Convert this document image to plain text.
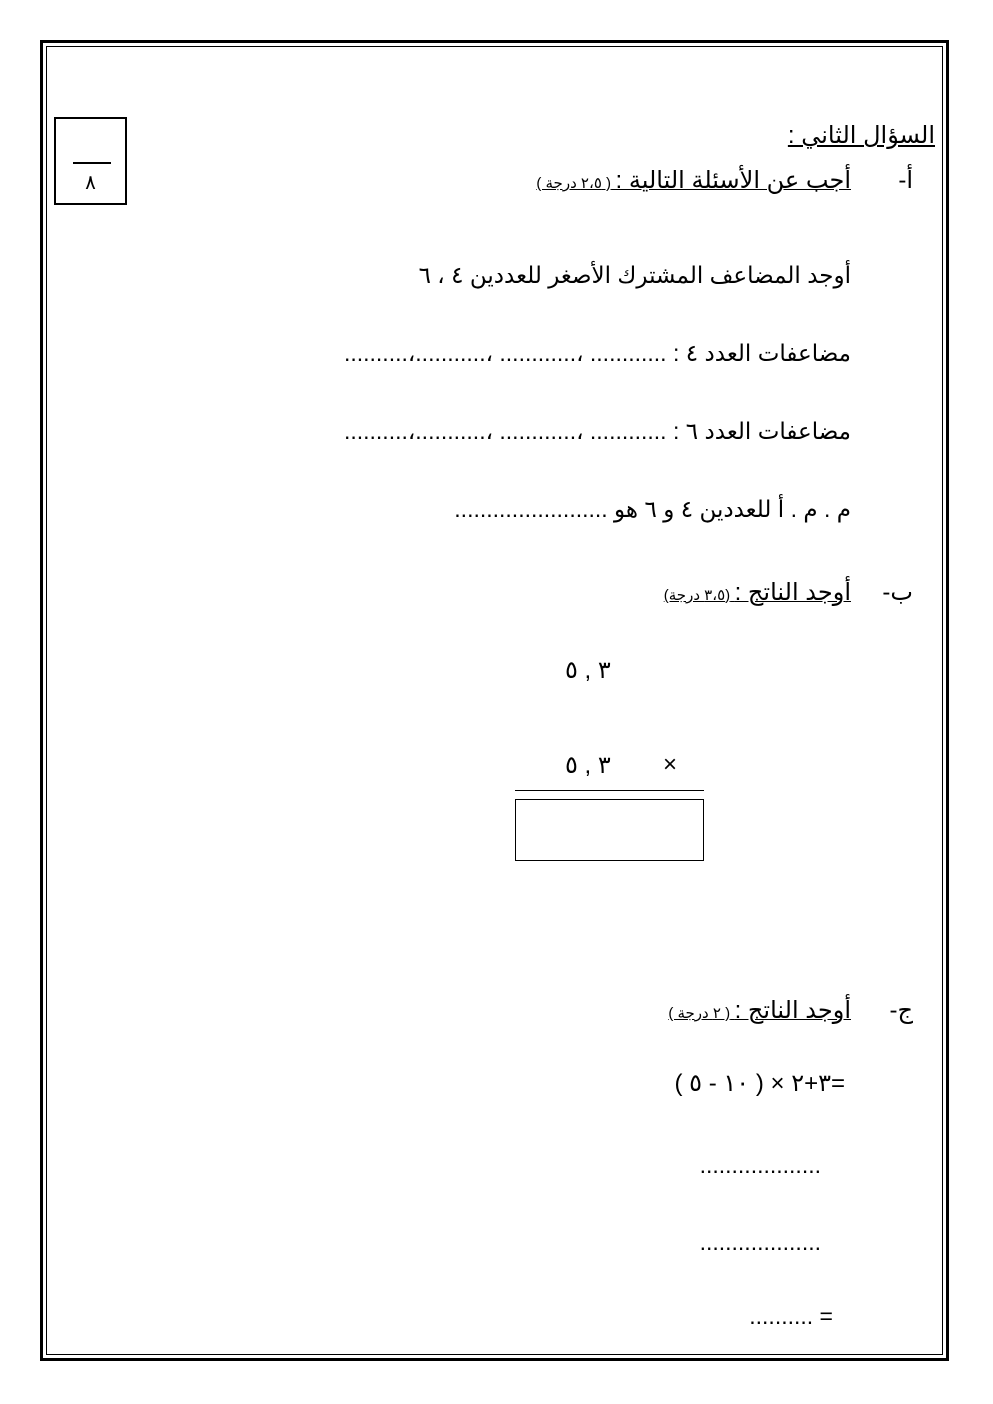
٨
السؤال الثاني :
أ-
أجب عن الأسئلة التالية : ( ٢،٥ درجة )
أوجد المضاعف المشترك الأصغر للعددين ٤ ، ٦
مضاعفات العدد ٤ : ............ ،............ ،...........،..........
مضاعفات العدد ٦ : ............ ،............ ،...........،..........
م . م . أ للعددين ٤ و ٦ هو ........................
ب-
أوجد الناتج : (٣،٥ درجة)
٣ , ٥
٣ , ٥ ×
ج-
أوجد الناتج : ( ٢ درجة )
( ١٠ - ٥ ) × ٣+٢=
...................
...................
.......... =
